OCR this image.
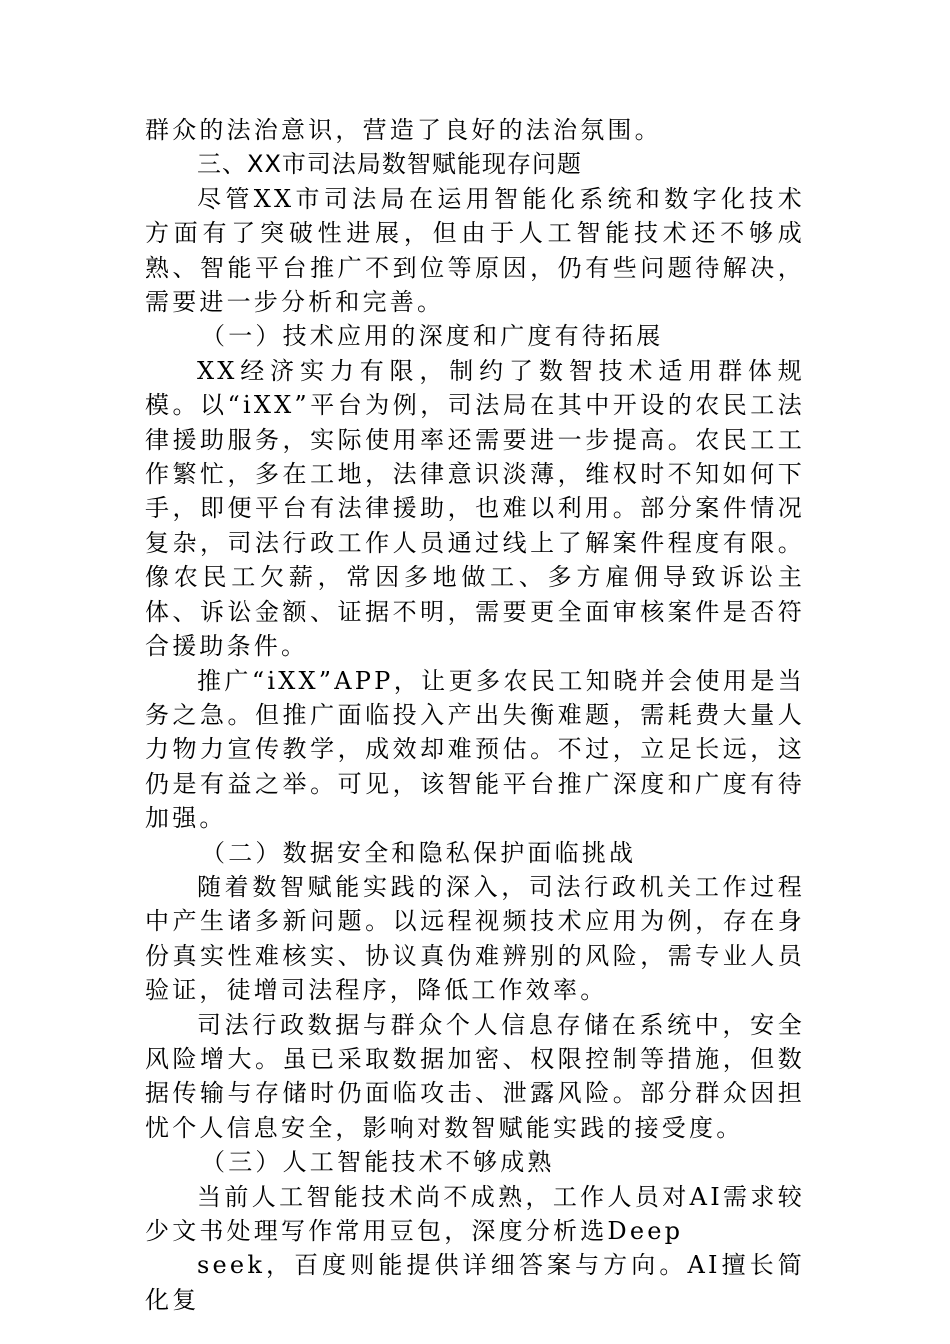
群众的法治意识，营造了良好的法治氛围。

三、XX市司法局数智赋能现存问题

尽管XX市司法局在运用智能化系统和数字化技术方面有了突破性进展，但由于人工智能技术还不够成熟、智能平台推广不到位等原因，仍有些问题待解决，需要进一步分析和完善。

（一）技术应用的深度和广度有待拓展

XX经济实力有限，制约了数智技术适用群体规模。以“iXX”平台为例，司法局在其中开设的农民工法律援助服务，实际使用率还需要进一步提高。农民工工作繁忙，多在工地，法律意识淡薄，维权时不知如何下手，即便平台有法律援助，也难以利用。部分案件情况复杂，司法行政工作人员通过线上了解案件程度有限。像农民工欠薪，常因多地做工、多方雇佣导致诉讼主体、诉讼金额、证据不明，需要更全面审核案件是否符合援助条件。

推广“iXX”APP，让更多农民工知晓并会使用是当务之急。但推广面临投入产出失衡难题，需耗费大量人力物力宣传教学，成效却难预估。不过，立足长远，这仍是有益之举。可见，该智能平台推广深度和广度有待加强。

（二）数据安全和隐私保护面临挑战

随着数智赋能实践的深入，司法行政机关工作过程中产生诸多新问题。以远程视频技术应用为例，存在身份真实性难核实、协议真伪难辨别的风险，需专业人员验证，徒增司法程序，降低工作效率。

司法行政数据与群众个人信息存储在系统中，安全风险增大。虽已采取数据加密、权限控制等措施，但数据传输与存储时仍面临攻击、泄露风险。部分群众因担忧个人信息安全，影响对数智赋能实践的接受度。

（三）人工智能技术不够成熟

当前人工智能技术尚不成熟，工作人员对AI需求较少文书处理写作常用豆包，深度分析选Deep

seek，百度则能提供详细答案与方向。AI擅长简化复
